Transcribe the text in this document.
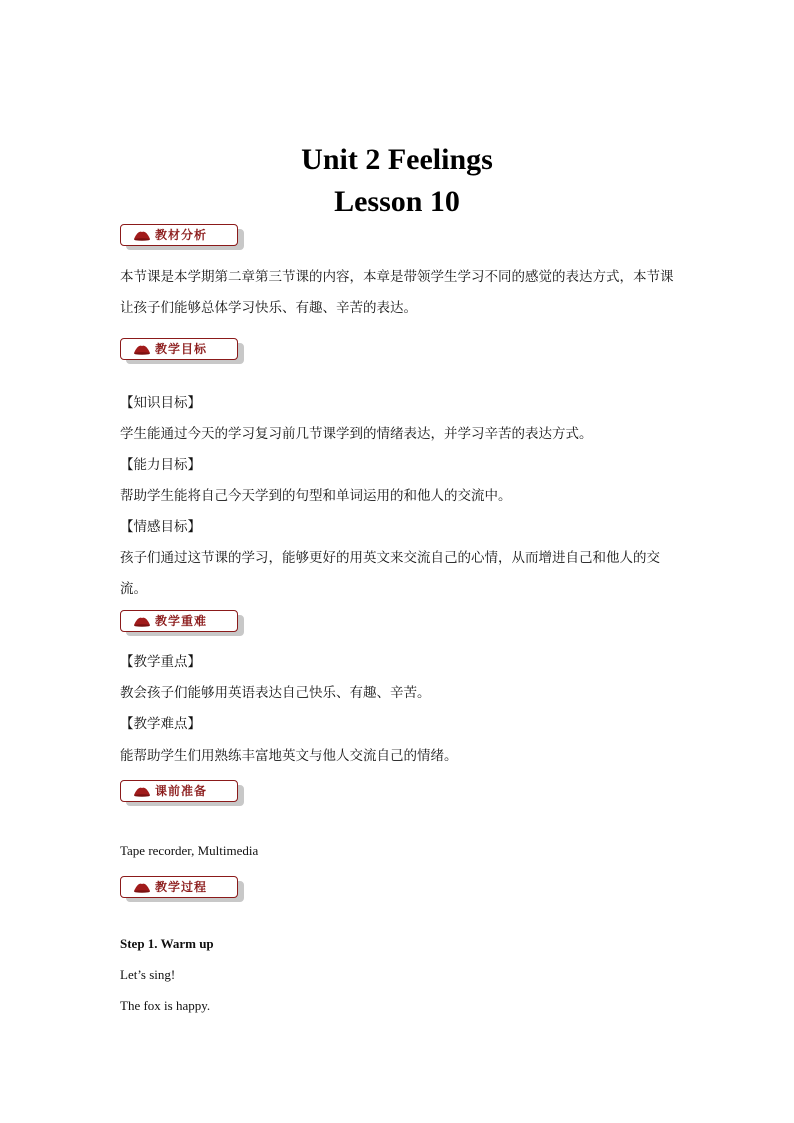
Unit 2 Feelings
Lesson 10
教材分析

本节课是本学期第二章第三节课的内容，本章是带领学生学习不同的感觉的表达方式，本节课让孩子们能够总体学习快乐、有趣、辛苦的表达。

教学目标

【知识目标】

学生能通过今天的学习复习前几节课学到的情绪表达，并学习辛苦的表达方式。

【能力目标】

帮助学生能将自己今天学到的句型和单词运用的和他人的交流中。

【情感目标】

孩子们通过这节课的学习，能够更好的用英文来交流自己的心情，从而增进自己和他人的交流。

教学重难

【教学重点】

教会孩子们能够用英语表达自己快乐、有趣、辛苦。

【教学难点】

能帮助学生们用熟练丰富地英文与他人交流自己的情绪。

课前准备

Tape recorder, Multimedia

教学过程

Step 1. Warm up

Let’s sing!

The fox is happy.
